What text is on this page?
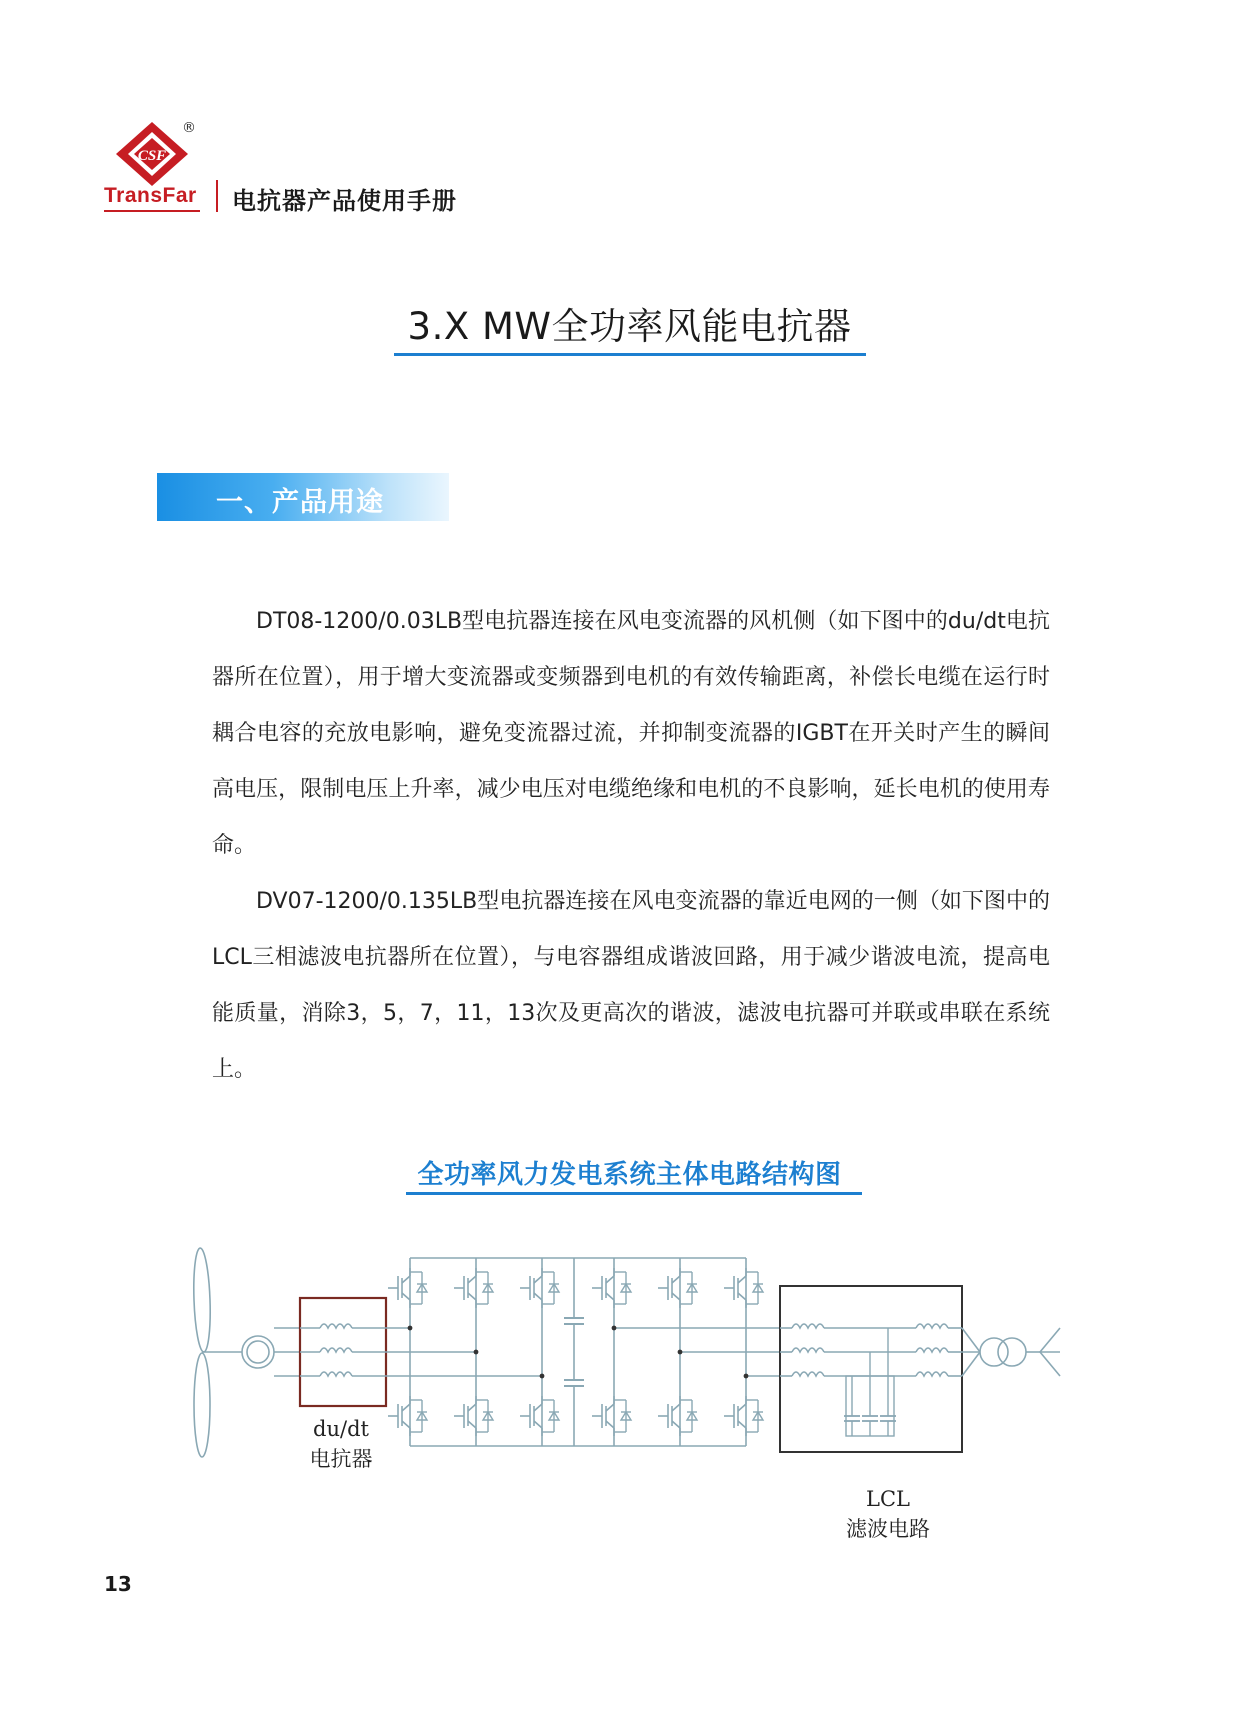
CSF
®
TransFar 电抗器产品使用手册
3.X MW全功率风能电抗器
一、产品用途

DT08-1200/0.03LB型电抗器连接在风电变流器的风机侧（如下图中的du/dt电抗器所在位置），用于增大变流器或变频器到电机的有效传输距离，补偿长电缆在运行时耦合电容的充放电影响，避免变流器过流，并抑制变流器的IGBT在开关时产生的瞬间高电压，限制电压上升率，减少电压对电缆绝缘和电机的不良影响，延长电机的使用寿命。

DV07-1200/0.135LB型电抗器连接在风电变流器的靠近电网的一侧（如下图中的LCL三相滤波电抗器所在位置），与电容器组成谐波回路，用于减少谐波电流，提高电能质量，消除3，5，7，11，13次及更高次的谐波，滤波电抗器可并联或串联在系统上。

全功率风力发电系统主体电路结构图
du/dt
电抗器
LCL
滤波电路
13
